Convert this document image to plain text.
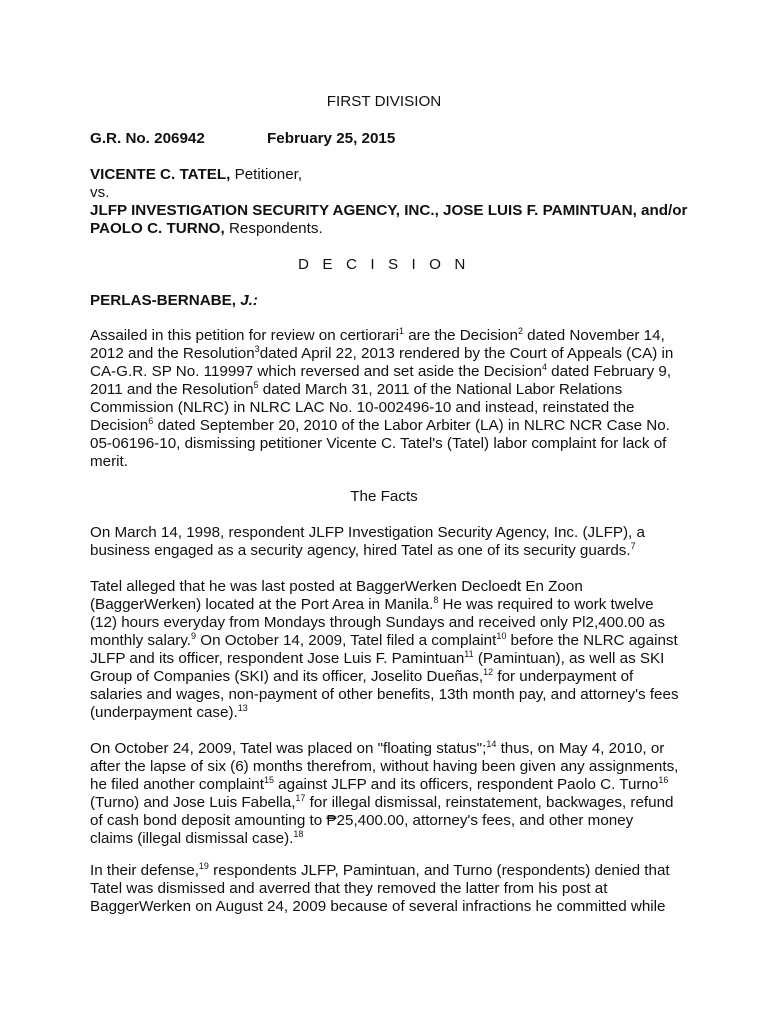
FIRST DIVISION

G.R. No. 206942	February 25, 2015

VICENTE C. TATEL, Petitioner,

vs.

JLFP INVESTIGATION SECURITY AGENCY, INC., JOSE LUIS F. PAMINTUAN, and/or PAOLO C. TURNO, Respondents.

D E C I S I O N

PERLAS-BERNABE, J.:

Assailed in this petition for review on certiorari$^1$ are the Decision$^2$ dated November 14, 2012 and the Resolution$^3$dated April 22, 2013 rendered by the Court of Appeals (CA) in CA-G.R. SP No. 119997 which reversed and set aside the Decision$^4$ dated February 9, 2011 and the Resolution$^5$ dated March 31, 2011 of the National Labor Relations Commission (NLRC) in NLRC LAC No. 10-002496-10 and instead, reinstated the Decision$^6$ dated September 20, 2010 of the Labor Arbiter (LA) in NLRC NCR Case No. 05-06196-10, dismissing petitioner Vicente C. Tatel's (Tatel) labor complaint for lack of merit.

The Facts

On March 14, 1998, respondent JLFP Investigation Security Agency, Inc. (JLFP), a business engaged as a security agency, hired Tatel as one of its security guards.$^7$

Tatel alleged that he was last posted at BaggerWerken Decloedt En Zoon (BaggerWerken) located at the Port Area in Manila.$^8$ He was required to work twelve (12) hours everyday from Mondays through Sundays and received only Pl2,400.00 as monthly salary.$^9$ On October 14, 2009, Tatel filed a complaint$^{10}$ before the NLRC against JLFP and its officer, respondent Jose Luis F. Pamintuan$^{11}$ (Pamintuan), as well as SKI Group of Companies (SKI) and its officer, Joselito Dueñas,$^{12}$ for underpayment of salaries and wages, non-payment of other benefits, 13th month pay, and attorney's fees (underpayment case).$^{13}$

On October 24, 2009, Tatel was placed on "floating status";$^{14}$ thus, on May 4, 2010, or after the lapse of six (6) months therefrom, without having been given any assignments, he filed another complaint$^{15}$ against JLFP and its officers, respondent Paolo C. Turno$^{16}$ (Turno) and Jose Luis Fabella,$^{17}$ for illegal dismissal, reinstatement, backwages, refund of cash bond deposit amounting to ₱25,400.00, attorney's fees, and other money claims (illegal dismissal case).$^{18}$

In their defense,$^{19}$ respondents JLFP, Pamintuan, and Turno (respondents) denied that Tatel was dismissed and averred that they removed the latter from his post at BaggerWerken on August 24, 2009 because of several infractions he committed while
